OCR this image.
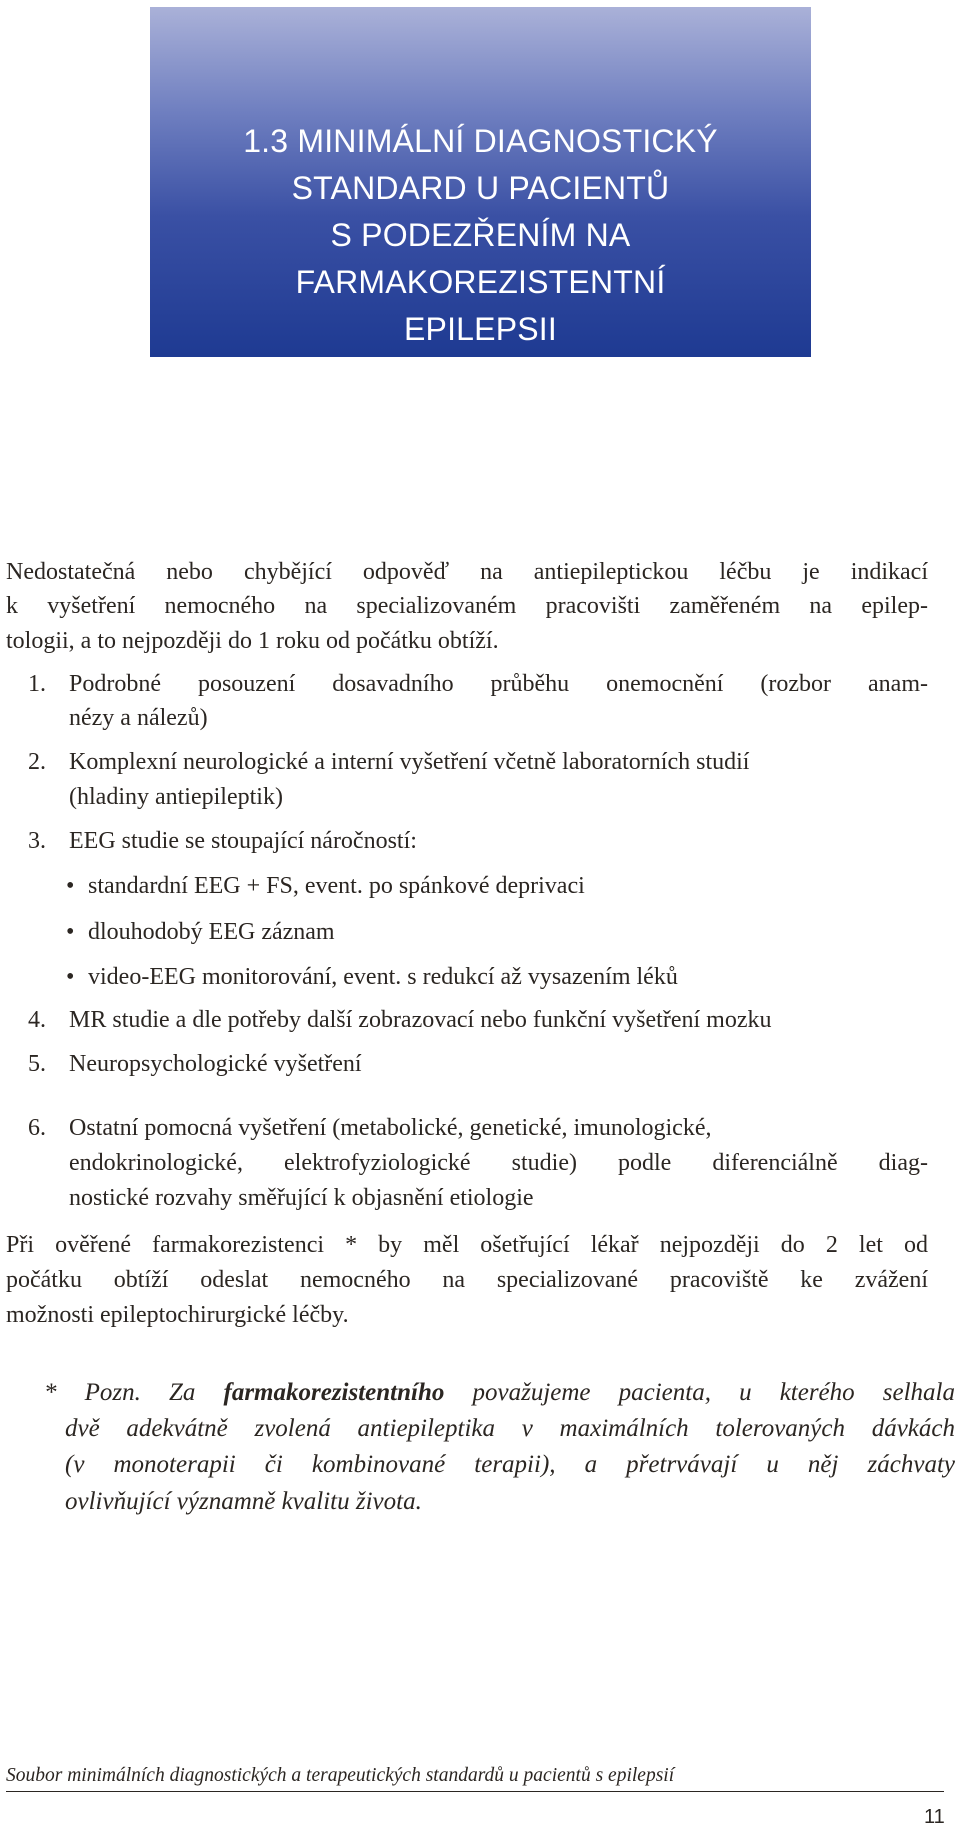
1.3 MINIMÁLNÍ DIAGNOSTICKÝ
STANDARD U PACIENTŮ
S PODEZŘENÍM NA
FARMAKOREZISTENTNÍ
EPILEPSII
Nedostatečná nebo chybějící odpověď na antiepileptickou léčbu je indikací
k vyšetření nemocného na specializovaném pracovišti zaměřeném na epilep-
tologii, a to nejpozději do 1 roku od počátku obtíží.
1. Podrobné posouzení dosavadního průběhu onemocnění (rozbor anam-
nézy a nálezů)
2. Komplexní neurologické a interní vyšetření včetně laboratorních studií
(hladiny antiepileptik)
3. EEG studie se stoupající náročností:
• standardní EEG + FS, event. po spánkové deprivaci
• dlouhodobý EEG záznam
• video-EEG monitorování, event. s redukcí až vysazením léků
4. MR studie a dle potřeby další zobrazovací nebo funkční vyšetření mozku
5. Neuropsychologické vyšetření
6. Ostatní pomocná vyšetření (metabolické, genetické, imunologické,
endokrinologické, elektrofyziologické studie) podle diferenciálně diag-
nostické rozvahy směřující k objasnění etiologie
Při ověřené farmakorezistenci * by měl ošetřující lékař nejpozději do 2 let od
počátku obtíží odeslat nemocného na specializované pracoviště ke zvážení
možnosti epileptochirurgické léčby.
* Pozn. Za farmakorezistentního považujeme pacienta, u kterého selhala
dvě adekvátně zvolená antiepileptika v maximálních tolerovaných dávkách
(v monoterapii či kombinované terapii), a přetrvávají u něj záchvaty
ovlivňující významně kvalitu života.
Soubor minimálních diagnostických a terapeutických standardů u pacientů s epilepsií
11
